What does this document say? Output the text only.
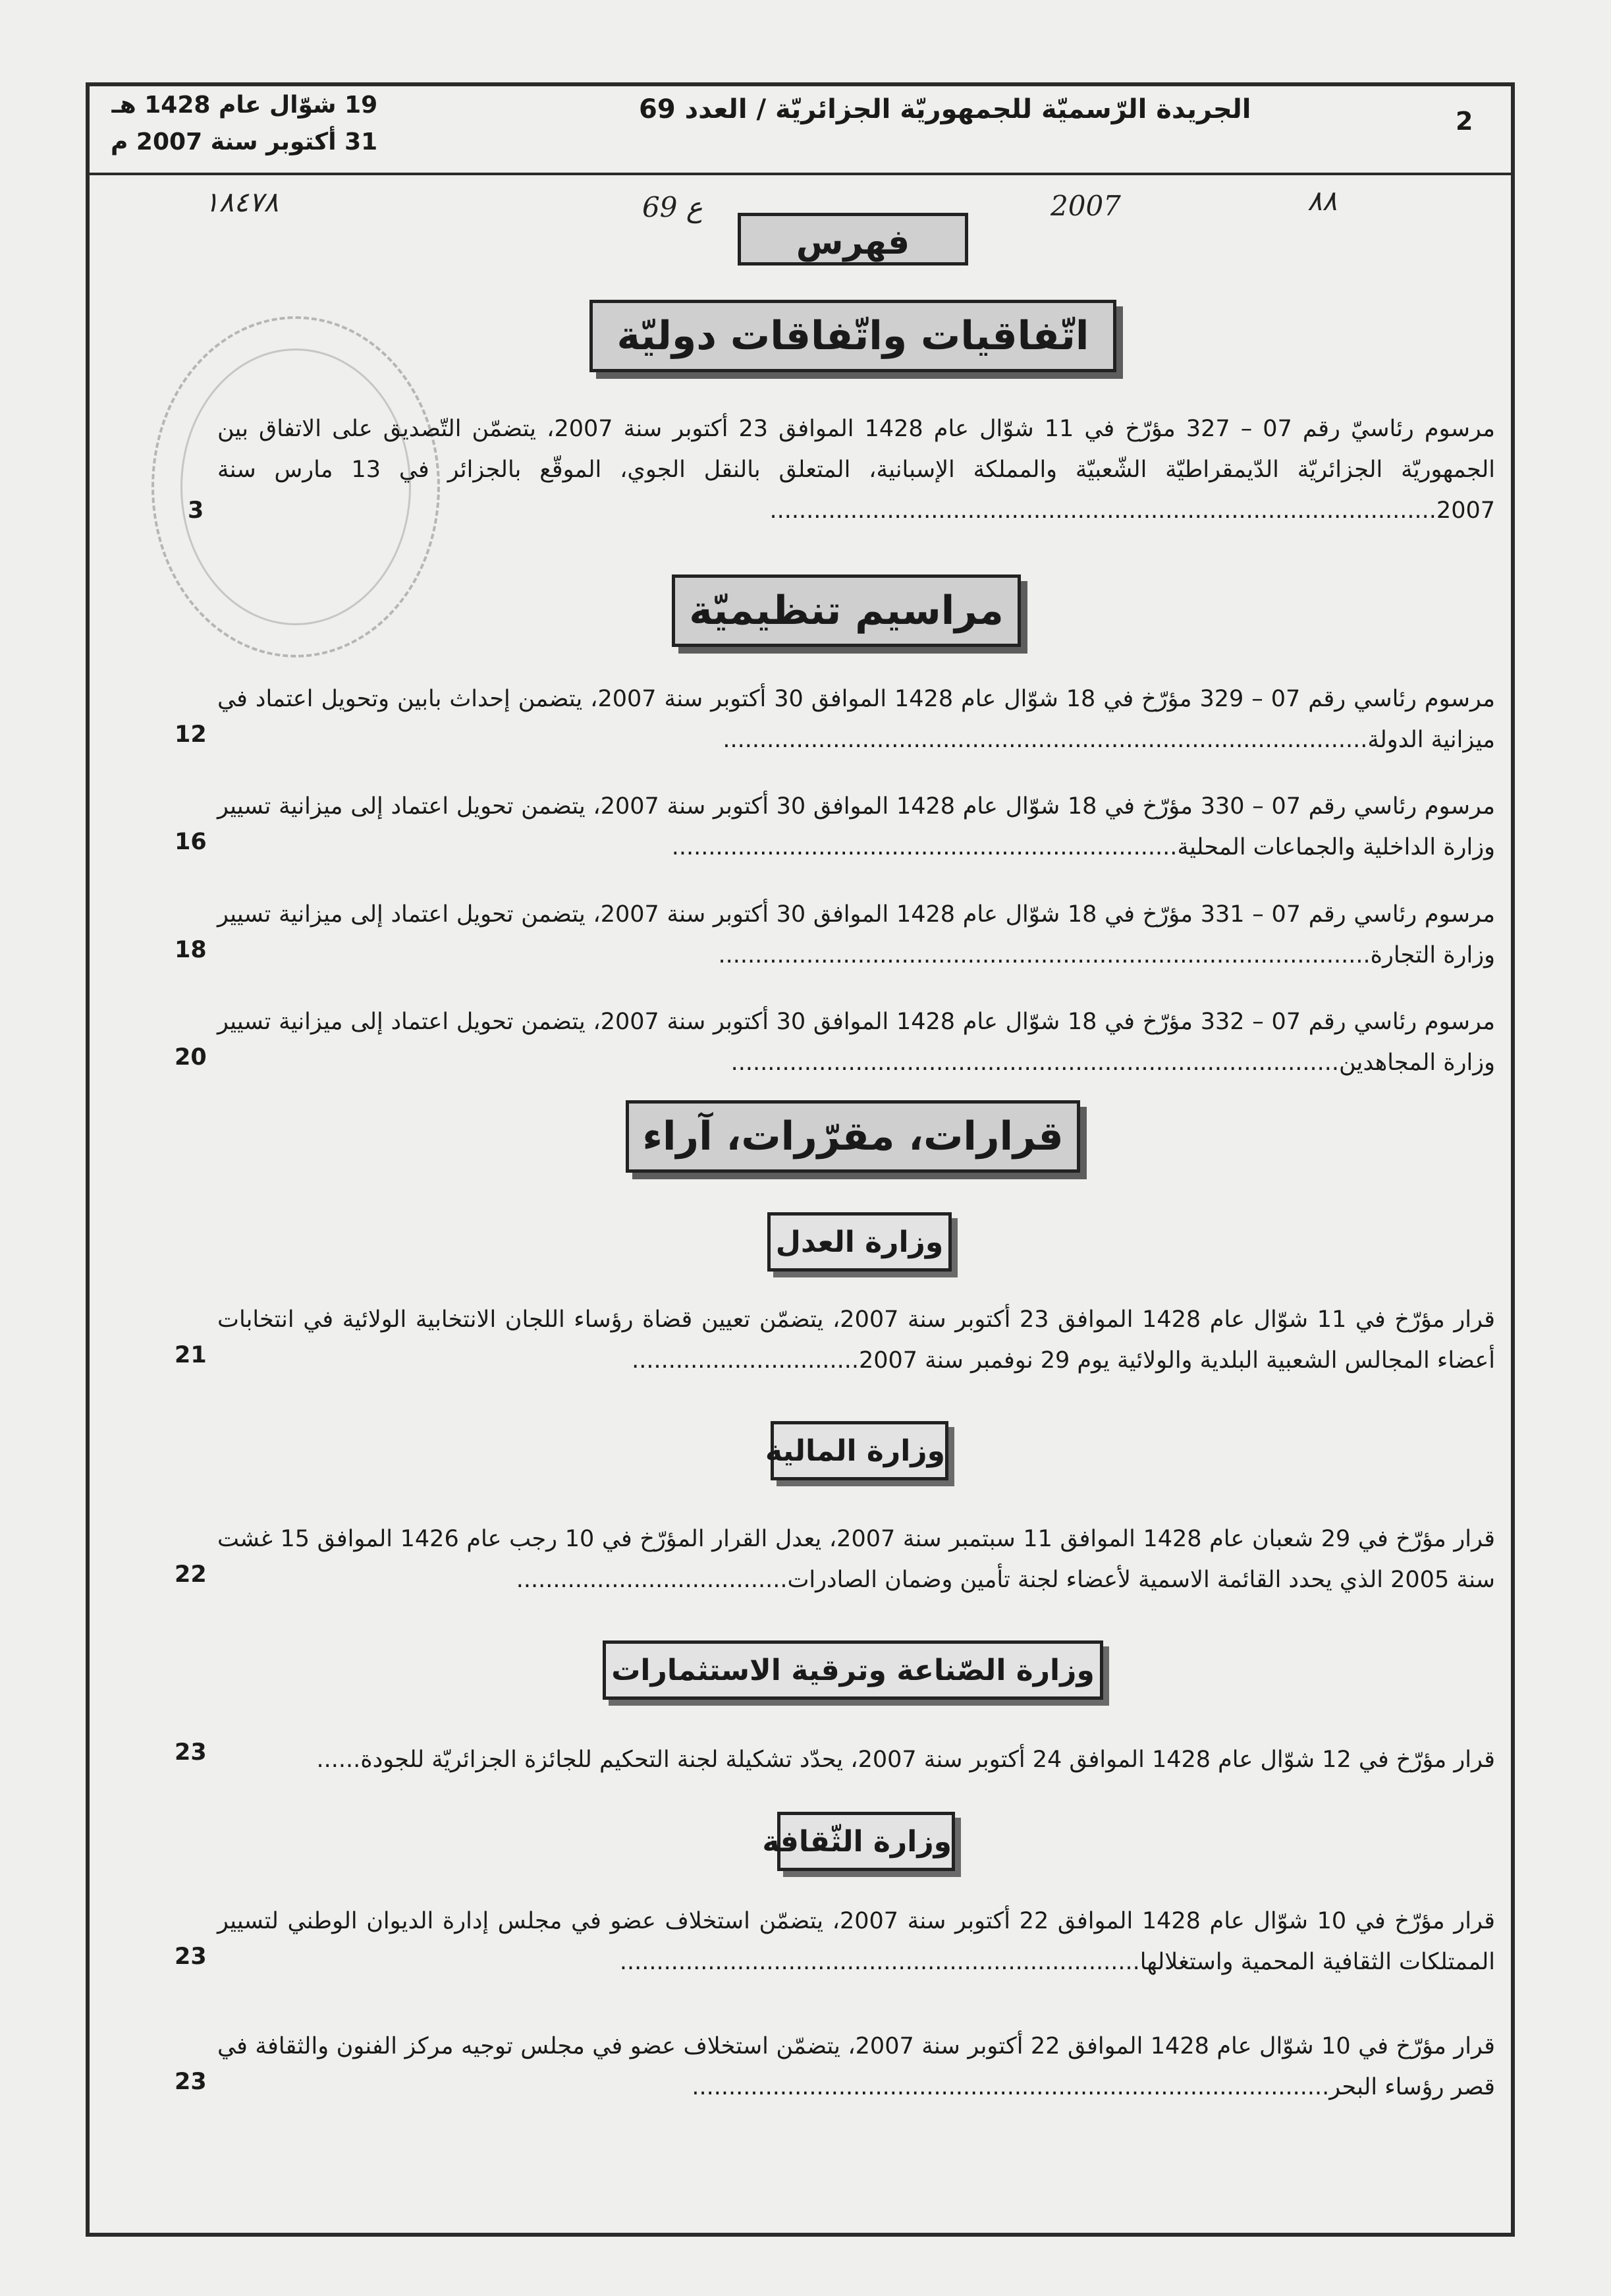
2
الجريدة الرّسميّة للجمهوريّة الجزائريّة / العدد 69
19 شوّال عام 1428 هـ
31 أكتوبر سنة 2007 م
٨٨
69 ع	2007
١٨٤٧٨
فهرس
اتّفاقيات واتّفاقات دوليّة
مرسوم رئاسيّ رقم 07 – 327 مؤرّخ في 11 شوّال عام 1428 الموافق 23 أكتوبر سنة 2007، يتضمّن التّصديق على الاتفاق بين الجمهوريّة الجزائريّة الدّيمقراطيّة الشّعبيّة والمملكة الإسبانية، المتعلق بالنقل الجوي، الموقّع بالجزائر في 13 مارس سنة 2007...........................................................................................
3
مراسيم تنظيميّة
مرسوم رئاسي رقم 07 – 329 مؤرّخ في 18 شوّال عام 1428 الموافق 30 أكتوبر سنة 2007، يتضمن إحداث بابين وتحويل اعتماد في ميزانية الدولة........................................................................................
12
مرسوم رئاسي رقم 07 – 330 مؤرّخ في 18 شوّال عام 1428 الموافق 30 أكتوبر سنة 2007، يتضمن تحويل اعتماد إلى ميزانية تسيير وزارة الداخلية والجماعات المحلية.....................................................................
16
مرسوم رئاسي رقم 07 – 331 مؤرّخ في 18 شوّال عام 1428 الموافق 30 أكتوبر سنة 2007، يتضمن تحويل اعتماد إلى ميزانية تسيير وزارة التجارة.........................................................................................
18
مرسوم رئاسي رقم 07 – 332 مؤرّخ في 18 شوّال عام 1428 الموافق 30 أكتوبر سنة 2007، يتضمن تحويل اعتماد إلى ميزانية تسيير وزارة المجاهدين...................................................................................
20
قرارات، مقرّرات، آراء
وزارة العدل
قرار مؤرّخ في 11 شوّال عام 1428 الموافق 23 أكتوبر سنة 2007، يتضمّن تعيين قضاة رؤساء اللجان الانتخابية الولائية في انتخابات أعضاء المجالس الشعبية البلدية والولائية يوم 29 نوفمبر سنة 2007...............................
21
وزارة المالية
قرار مؤرّخ في 29 شعبان عام 1428 الموافق 11 سبتمبر سنة 2007، يعدل القرار المؤرّخ في 10 رجب عام 1426 الموافق 15 غشت سنة 2005 الذي يحدد القائمة الاسمية لأعضاء لجنة تأمين وضمان الصادرات.....................................
22
وزارة الصّناعة وترقية الاستثمارات
قرار مؤرّخ في 12 شوّال عام 1428 الموافق 24 أكتوبر سنة 2007، يحدّد تشكيلة لجنة التحكيم للجائزة الجزائريّة للجودة......
23
وزارة الثّقافة
قرار مؤرّخ في 10 شوّال عام 1428 الموافق 22 أكتوبر سنة 2007، يتضمّن استخلاف عضو في مجلس إدارة الديوان الوطني لتسيير الممتلكات الثقافية المحمية واستغلالها.......................................................................
23
قرار مؤرّخ في 10 شوّال عام 1428 الموافق 22 أكتوبر سنة 2007، يتضمّن استخلاف عضو في مجلس توجيه مركز الفنون والثقافة في قصر رؤساء البحر.......................................................................................
23
